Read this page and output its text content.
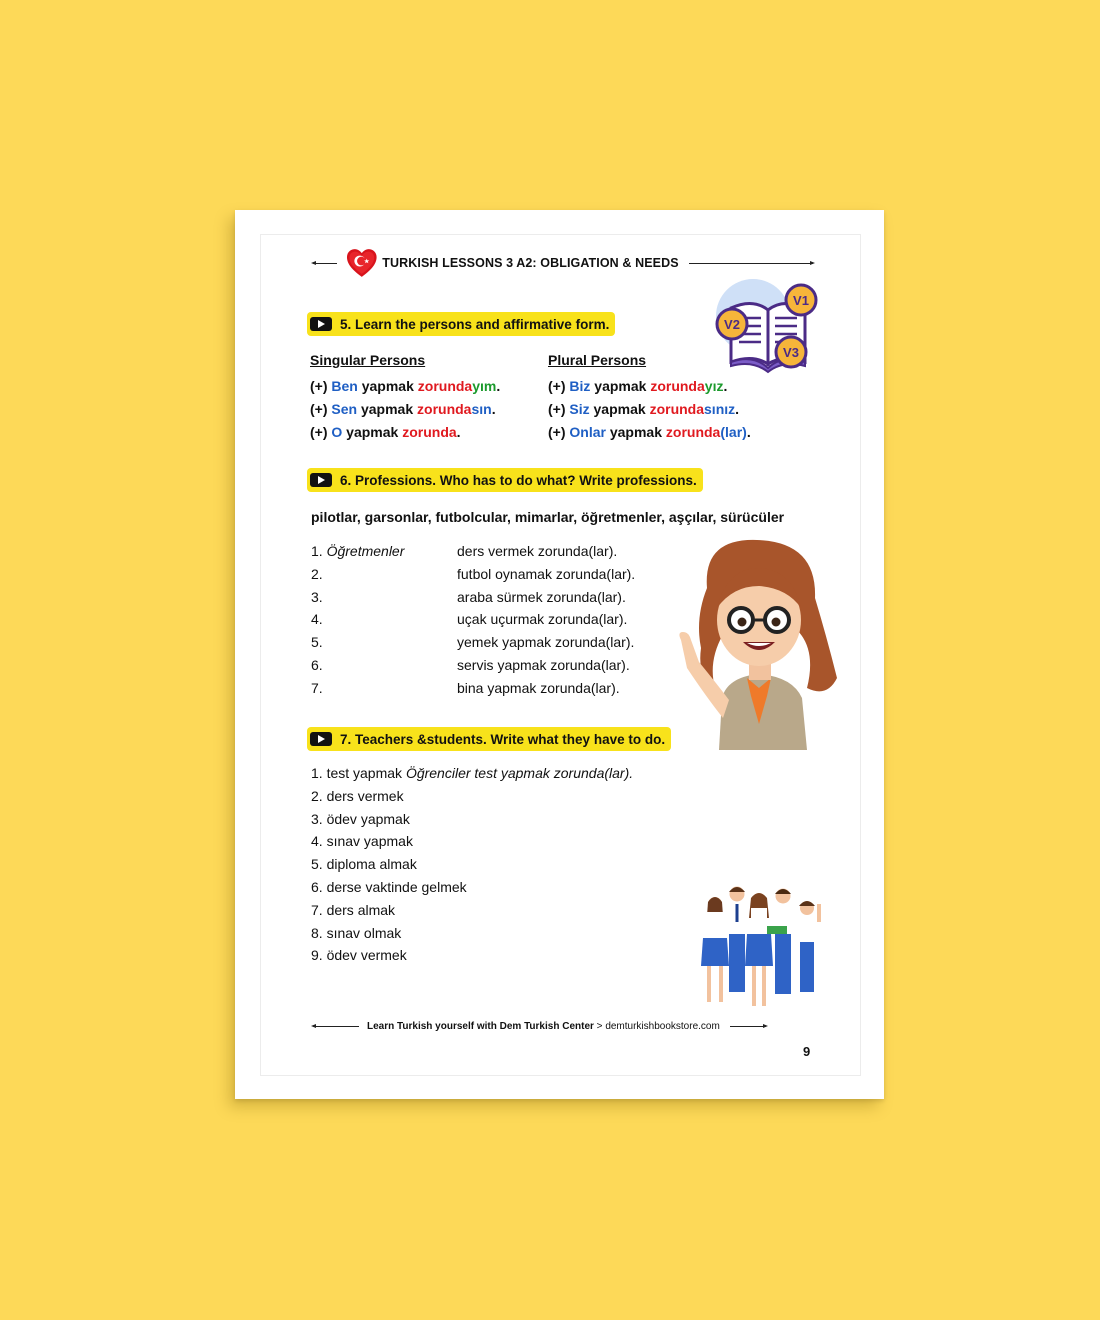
TURKISH LESSONS 3 A2: OBLIGATION & NEEDS
5. Learn the persons and affirmative form.
V1
V2
V3
Singular Persons
(+) Ben yapmak zorundayım.
(+) Sen yapmak zorundasın.
(+) O yapmak zorunda.
Plural Persons
(+) Biz yapmak zorundayız.
(+) Siz yapmak zorundasınız.
(+) Onlar yapmak zorunda(lar).
6. Professions. Who has to do what? Write professions.
pilotlar, garsonlar, futbolcular, mimarlar, öğretmenler, aşçılar, sürücüler
1. Öğretmenler	ders vermek zorunda(lar).
2.	futbol oynamak zorunda(lar).
3.	araba sürmek zorunda(lar).
4.	uçak uçurmak zorunda(lar).
5.	yemek yapmak zorunda(lar).
6.	servis yapmak zorunda(lar).
7.	bina yapmak zorunda(lar).
7. Teachers &students. Write what they have to do.
1. test yapmak Öğrenciler test yapmak zorunda(lar).
2. ders vermek
3. ödev yapmak
4. sınav yapmak
5. diploma almak
6. derse vaktinde gelmek
7. ders almak
8. sınav olmak
9. ödev vermek
Learn Turkish yourself with Dem Turkish Center > demturkishbookstore.com
9
